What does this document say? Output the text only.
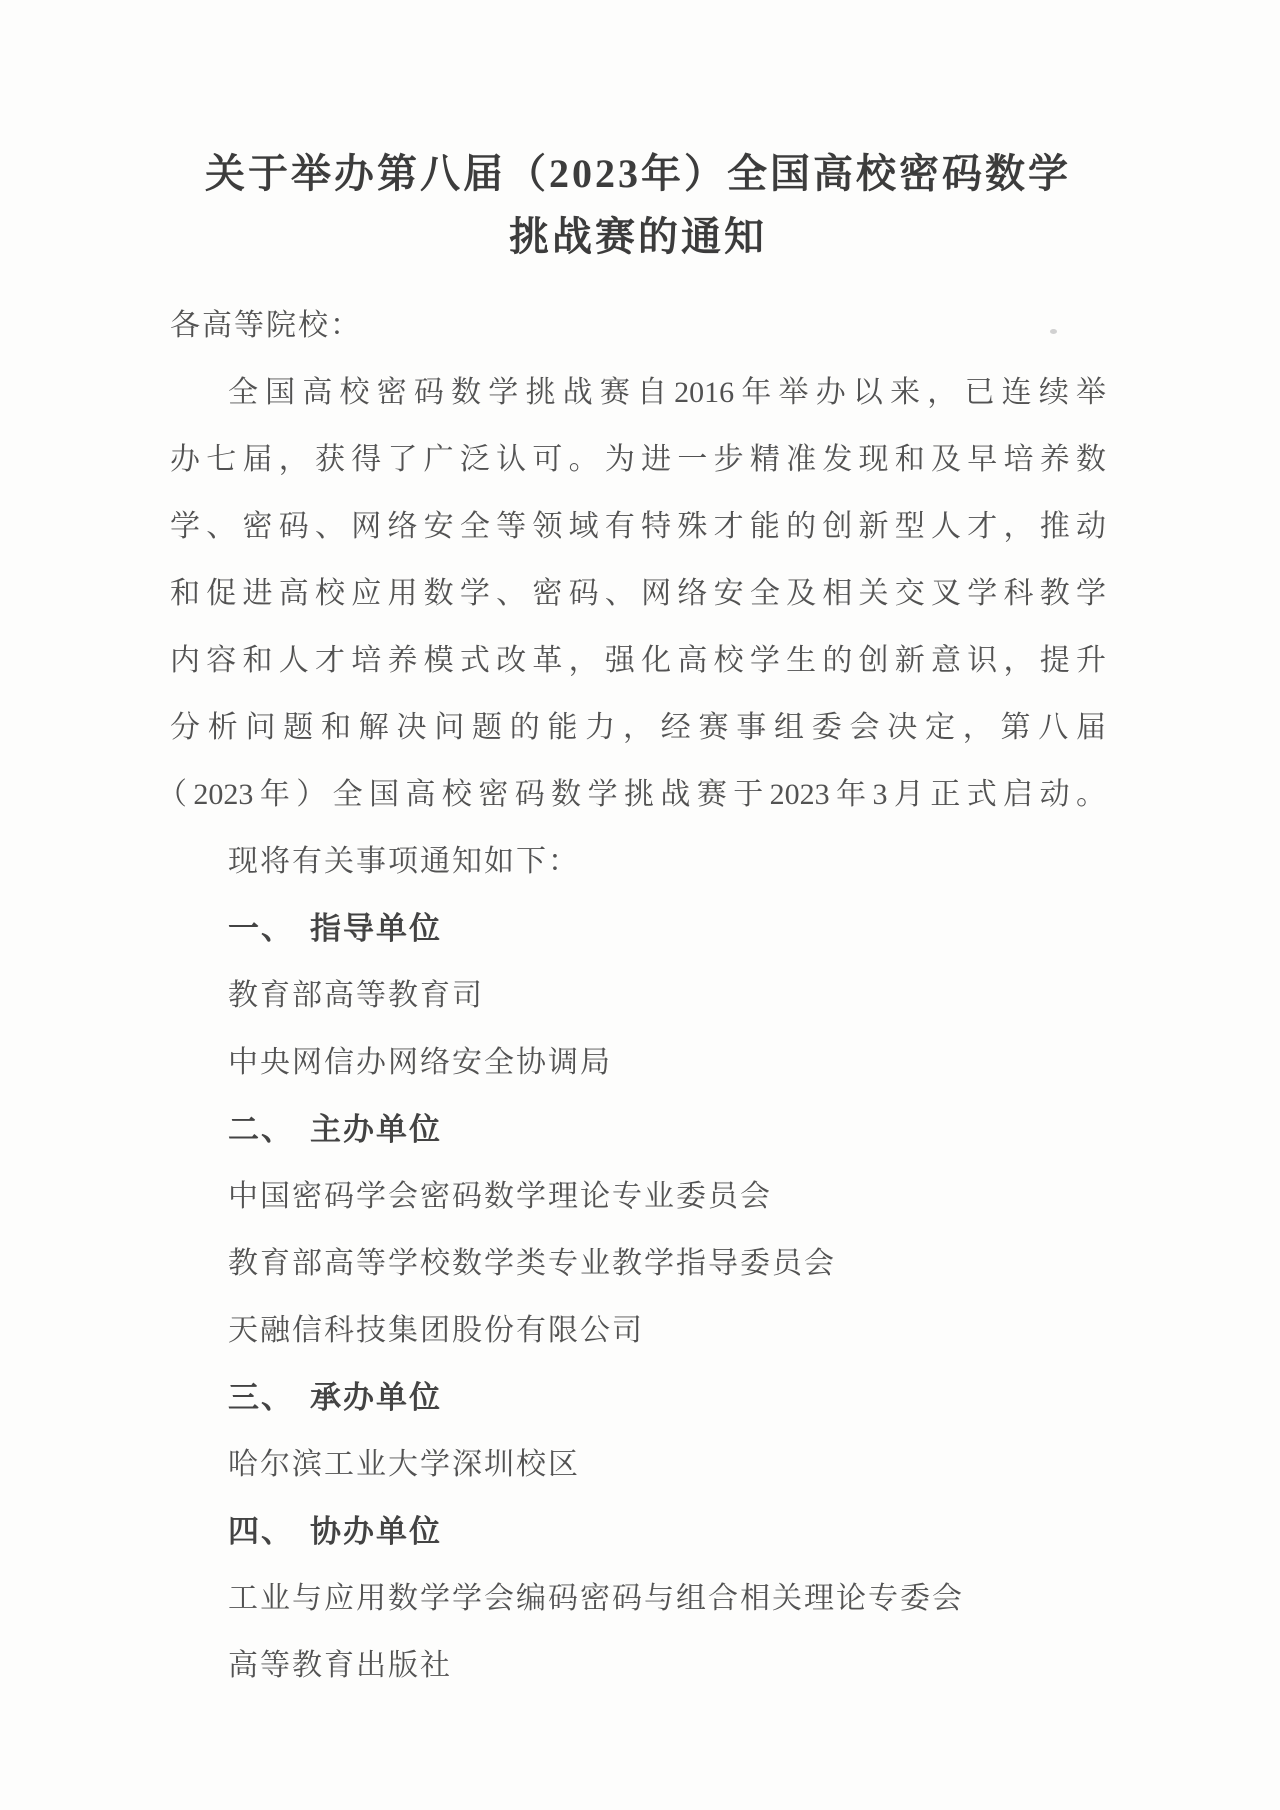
关于举办第八届（2023年）全国高校密码数学
挑战赛的通知
各高等院校：
全国高校密码数学挑战赛自2016年举办以来，已连续举
办七届，获得了广泛认可。为进一步精准发现和及早培养数
学、密码、网络安全等领域有特殊才能的创新型人才，推动
和促进高校应用数学、密码、网络安全及相关交叉学科教学
内容和人才培养模式改革，强化高校学生的创新意识，提升
分析问题和解决问题的能力，经赛事组委会决定，第八届
（2023年）全国高校密码数学挑战赛于2023年3月正式启动。
现将有关事项通知如下：
一、 指导单位
教育部高等教育司
中央网信办网络安全协调局
二、 主办单位
中国密码学会密码数学理论专业委员会
教育部高等学校数学类专业教学指导委员会
天融信科技集团股份有限公司
三、 承办单位
哈尔滨工业大学深圳校区
四、 协办单位
工业与应用数学学会编码密码与组合相关理论专委会
高等教育出版社
